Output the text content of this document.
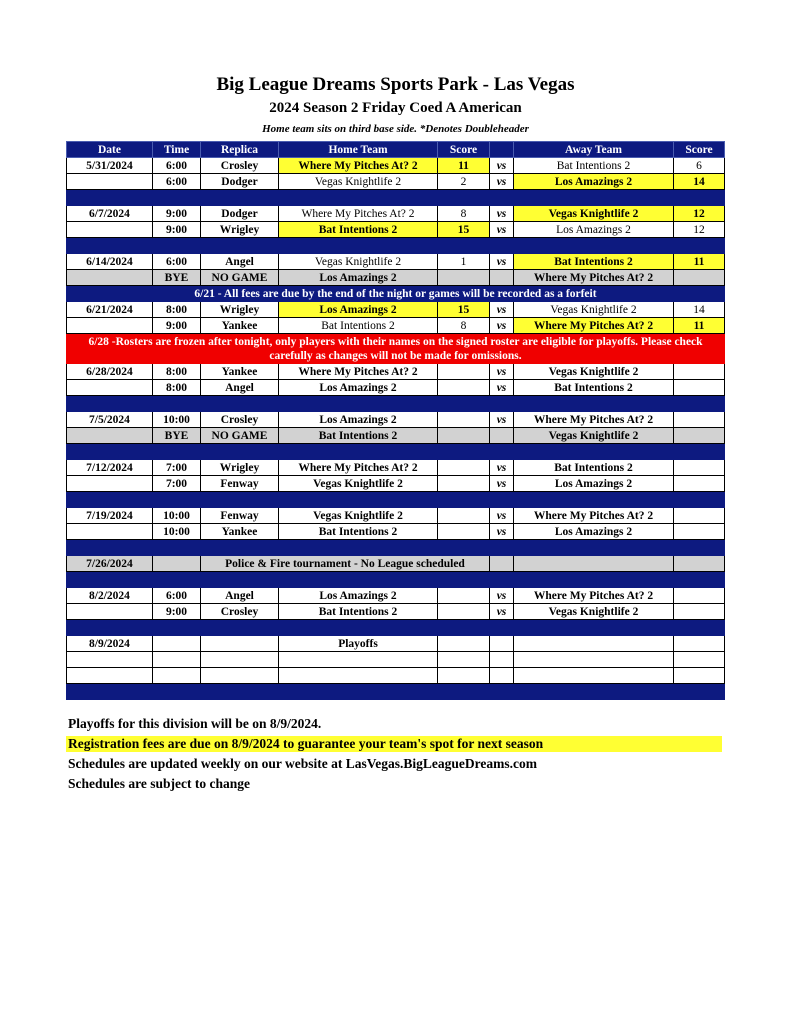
Big League Dreams Sports Park - Las Vegas
2024 Season 2 Friday Coed A American
Home team sits on third base side. *Denotes Doubleheader
Date	Time	Replica	Home Team	Score		Away Team	Score
5/31/2024	6:00	Crosley	Where My Pitches At? 2	11	vs	Bat Intentions 2	6
	6:00	Dodger	Vegas Knightlife 2	2	vs	Los Amazings 2	14

6/7/2024	9:00	Dodger	Where My Pitches At? 2	8	vs	Vegas Knightlife 2	12
	9:00	Wrigley	Bat Intentions 2	15	vs	Los Amazings 2	12

6/14/2024	6:00	Angel	Vegas Knightlife 2	1	vs	Bat Intentions 2	11
	BYE	NO GAME	Los Amazings 2			Where My Pitches At? 2	
6/21 - All fees are due by the end of the night or games will be recorded as a forfeit							
6/21/2024	8:00	Wrigley	Los Amazings 2	15	vs	Vegas Knightlife 2	14
	9:00	Yankee	Bat Intentions 2	8	vs	Where My Pitches At? 2	11
6/28 -Rosters are frozen after tonight, only players with their names on the signed roster are eligible for playoffs. Please check carefully as changes will not be made for omissions.							
6/28/2024	8:00	Yankee	Where My Pitches At? 2		vs	Vegas Knightlife 2	
	8:00	Angel	Los Amazings 2		vs	Bat Intentions 2	

7/5/2024	10:00	Crosley	Los Amazings 2		vs	Where My Pitches At? 2	
	BYE	NO GAME	Bat Intentions 2			Vegas Knightlife 2	

7/12/2024	7:00	Wrigley	Where My Pitches At? 2		vs	Bat Intentions 2	
	7:00	Fenway	Vegas Knightlife 2		vs	Los Amazings 2	

7/19/2024	10:00	Fenway	Vegas Knightlife 2		vs	Where My Pitches At? 2	
	10:00	Yankee	Bat Intentions 2		vs	Los Amazings 2	

7/26/2024		Police & Fire tournament - No League scheduled					

8/2/2024	6:00	Angel	Los Amazings 2		vs	Where My Pitches At? 2	
	9:00	Crosley	Bat Intentions 2		vs	Vegas Knightlife 2	

8/9/2024			Playoffs				

Playoffs for this division will be on 8/9/2024.
Registration fees are due on 8/9/2024 to guarantee your team's spot for next season
Schedules are updated weekly on our website at LasVegas.BigLeagueDreams.com
Schedules are subject to change
